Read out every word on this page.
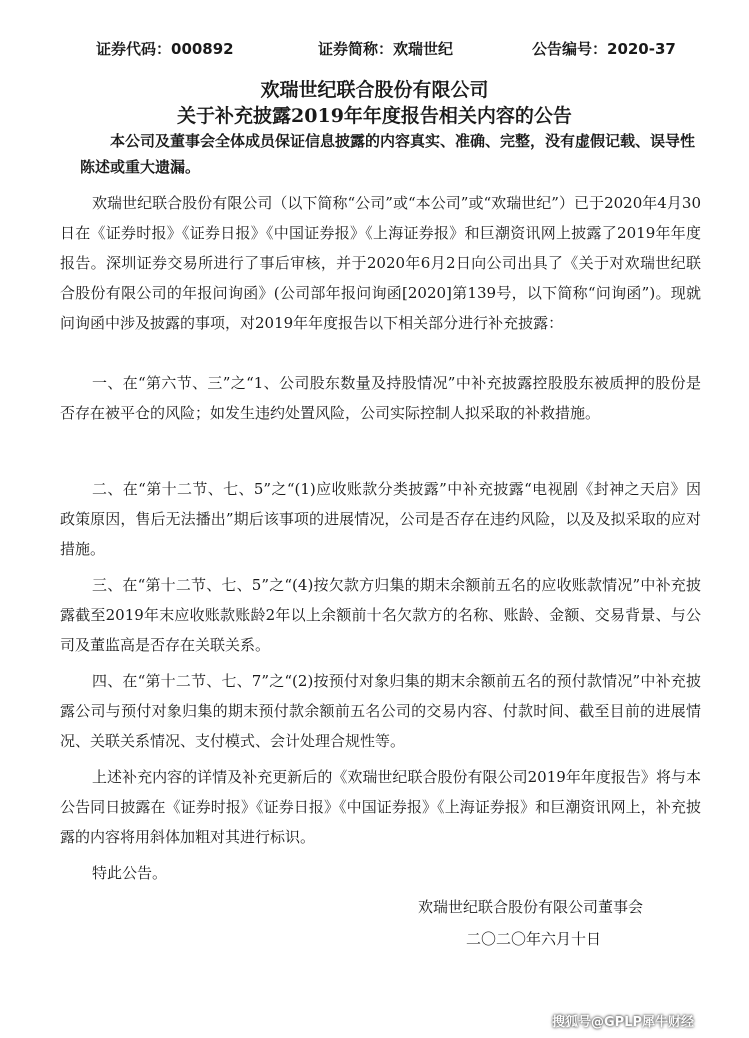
证券代码：000892	证券简称：欢瑞世纪	公告编号：2020-37
欢瑞世纪联合股份有限公司
关于补充披露2019年年度报告相关内容的公告
本公司及董事会全体成员保证信息披露的内容真实、准确、完整，没有虚假记载、误导性陈述或重大遗漏。
欢瑞世纪联合股份有限公司（以下简称“公司”或“本公司”或“欢瑞世纪”）已于2020年4月30日在《证券时报》《证券日报》《中国证券报》《上海证券报》和巨潮资讯网上披露了2019年年度报告。深圳证券交易所进行了事后审核，并于2020年6月2日向公司出具了《关于对欢瑞世纪联合股份有限公司的年报问询函》(公司部年报问询函[2020]第139号，以下简称“问询函”)。现就问询函中涉及披露的事项，对2019年年度报告以下相关部分进行补充披露：
一、在“第六节、三”之“1、公司股东数量及持股情况”中补充披露控股股东被质押的股份是否存在被平仓的风险；如发生违约处置风险，公司实际控制人拟采取的补救措施。
二、在“第十二节、七、5”之“(1)应收账款分类披露”中补充披露“电视剧《封神之天启》因政策原因，售后无法播出”期后该事项的进展情况，公司是否存在违约风险，以及及拟采取的应对措施。
三、在“第十二节、七、5”之“(4)按欠款方归集的期末余额前五名的应收账款情况”中补充披露截至2019年末应收账款账龄2年以上余额前十名欠款方的名称、账龄、金额、交易背景、与公司及董监高是否存在关联关系。
四、在“第十二节、七、7”之“(2)按预付对象归集的期末余额前五名的预付款情况”中补充披露公司与预付对象归集的期末预付款余额前五名公司的交易内容、付款时间、截至目前的进展情况、关联关系情况、支付模式、会计处理合规性等。
上述补充内容的详情及补充更新后的《欢瑞世纪联合股份有限公司2019年年度报告》将与本公告同日披露在《证券时报》《证券日报》《中国证券报》《上海证券报》和巨潮资讯网上，补充披露的内容将用斜体加粗对其进行标识。
特此公告。
欢瑞世纪联合股份有限公司董事会
二〇二〇年六月十日
搜狐号@GPLP犀牛财经
